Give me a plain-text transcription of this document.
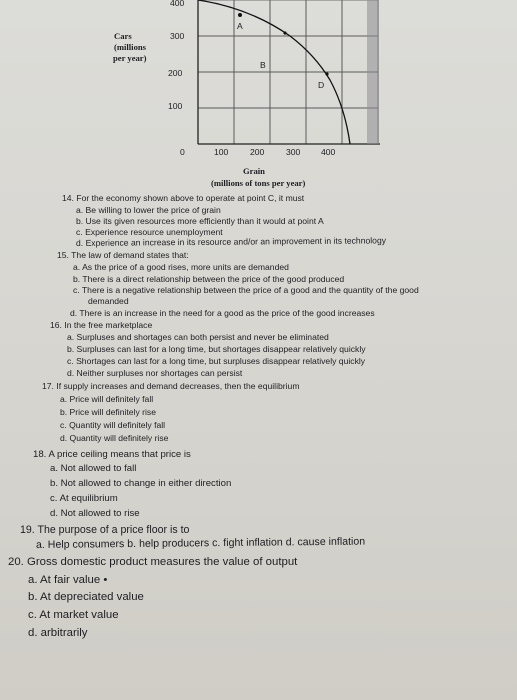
Cars
(millions
per year)
400
300
200
100
A
B
D
0	100	200	300 400
Grain
(millions of tons per year)
14. For the economy shown above to operate at point C, it must
a. Be willing to lower the price of grain
b. Use its given resources more efficiently than it would at point A
c. Experience resource unemployment
d. Experience an increase in its resource and/or an improvement in its technology
15. The law of demand states that:
a. As the price of a good rises, more units are demanded
b. There is a direct relationship between the price of the good produced
c. There is a negative relationship between the price of a good and the quantity of the good
demanded
d. There is an increase in the need for a good as the price of the good increases
16. In the free marketplace
a. Surpluses and shortages can both persist and never be eliminated
b. Surpluses can last for a long time, but shortages disappear relatively quickly
c. Shortages can last for a long time, but surpluses disappear relatively quickly
d. Neither surpluses nor shortages can persist
17. If supply increases and demand decreases, then the equilibrium
a. Price will definitely fall
b. Price will definitely rise
c. Quantity will definitely fall
d. Quantity will definitely rise
18. A price ceiling means that price is
a. Not allowed to fall
b. Not allowed to change in either direction
c. At equilibrium
d. Not allowed to rise
19. The purpose of a price floor is to
a. Help consumers b. help producers c. fight inflation d. cause inflation
20. Gross domestic product measures the value of output
a. At fair value •
b. At depreciated value
c. At market value
d. arbitrarily
